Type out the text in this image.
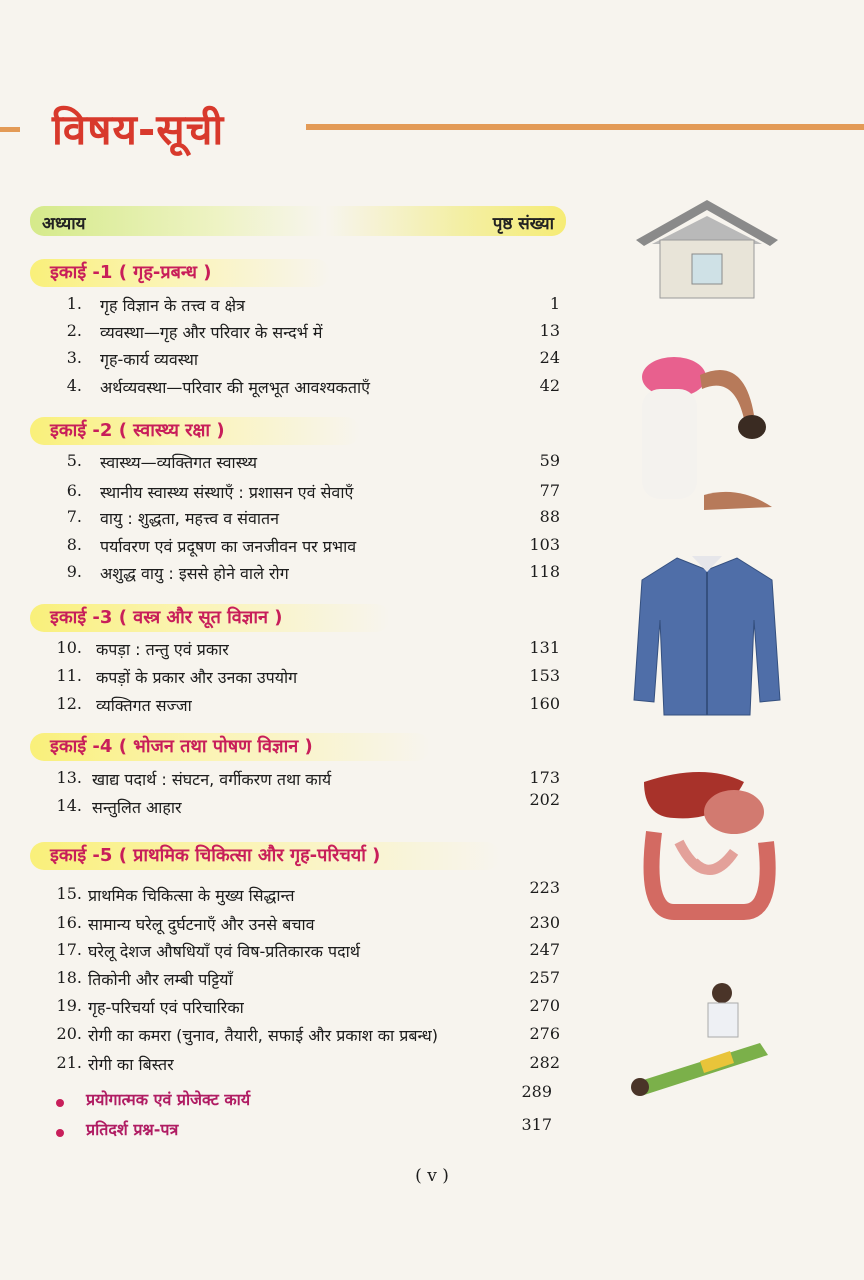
विषय-सूची
अध्याय	पृष्ठ संख्या
इकाई -1 ( गृह-प्रबन्ध )
1. गृह विज्ञान के तत्त्व व क्षेत्र	1
2. व्यवस्था—गृह और परिवार के सन्दर्भ में	13
3. गृह-कार्य व्यवस्था	24
4. अर्थव्यवस्था—परिवार की मूलभूत आवश्यकताएँ	42
इकाई -2 ( स्वास्थ्य रक्षा )
5. स्वास्थ्य—व्यक्तिगत स्वास्थ्य	59
6. स्थानीय स्वास्थ्य संस्थाएँ : प्रशासन एवं सेवाएँ	77
7. वायु : शुद्धता, महत्त्व व संवातन	88
8. पर्यावरण एवं प्रदूषण का जनजीवन पर प्रभाव	103
9. अशुद्ध वायु : इससे होने वाले रोग	118
इकाई -3 ( वस्त्र और सूत विज्ञान )
10. कपड़ा : तन्तु एवं प्रकार	131
11. कपड़ों के प्रकार और उनका उपयोग	153
12. व्यक्तिगत सज्जा	160
इकाई -4 ( भोजन तथा पोषण विज्ञान )
13. खाद्य पदार्थ : संघटन, वर्गीकरण तथा कार्य	173
14. सन्तुलित आहार	202
इकाई -5 ( प्राथमिक चिकित्सा और गृह-परिचर्या )
15. प्राथमिक चिकित्सा के मुख्य सिद्धान्त	223
16. सामान्य घरेलू दुर्घटनाएँ और उनसे बचाव	230
17. घरेलू देशज औषधियाँ एवं विष-प्रतिकारक पदार्थ	247
18. तिकोनी और लम्बी पट्टियाँ	257
19. गृह-परिचर्या एवं परिचारिका	270
20. रोगी का कमरा (चुनाव, तैयारी, सफाई और प्रकाश का प्रबन्ध)	276
21. रोगी का बिस्तर	282
प्रयोगात्मक एवं प्रोजेक्ट कार्य	289
प्रतिदर्श प्रश्न-पत्र	317
( v )
